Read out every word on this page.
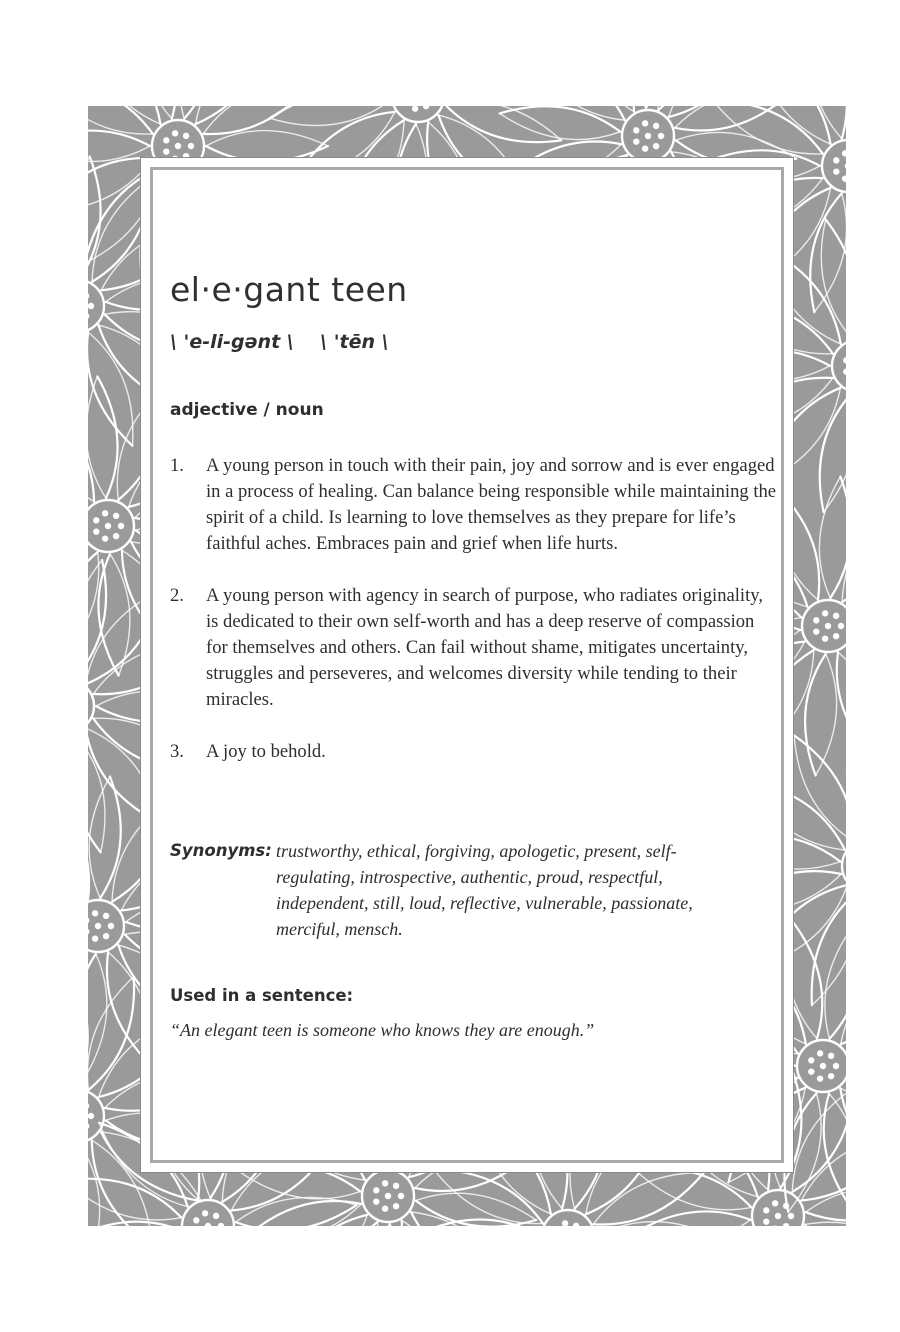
el·e·gant teen
\ 'e-li-gənt \    \ 'tēn \
adjective / noun
1.	A young person in touch with their pain, joy and sorrow and is ever engaged in a process of healing. Can balance being responsible while maintaining the spirit of a child. Is learning to love themselves as they prepare for life’s faithful aches. Embraces pain and grief when life hurts.
2.	A young person with agency in search of purpose, who radiates originality, is dedicated to their own self-worth and has a deep reserve of compassion for themselves and others. Can fail without shame, mitigates uncertainty, struggles and perseveres, and welcomes diversity while tending to their miracles.
3.	A joy to behold.
Synonyms: trustworthy, ethical, forgiving, apologetic, present, self-regulating, introspective, authentic, proud, respectful, independent, still, loud, reflective, vulnerable, passionate, merciful, mensch.
Used in a sentence:
“An elegant teen is someone who knows they are enough.”
